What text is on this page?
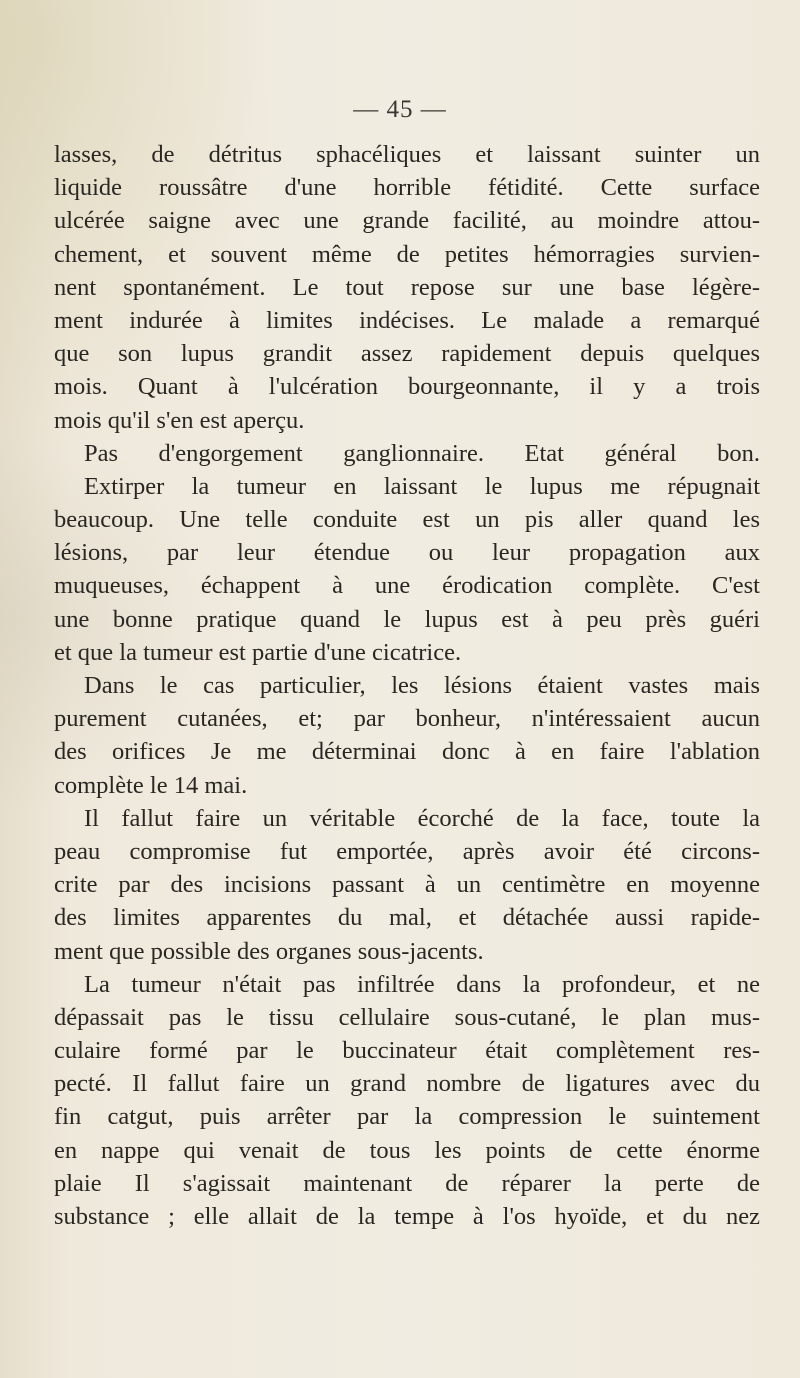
— 45 —
lasses, de détritus sphacéliques et laissant suinter un
liquide roussâtre d'une horrible fétidité. Cette surface
ulcérée saigne avec une grande facilité, au moindre attou-
chement, et souvent même de petites hémorragies survien-
nent spontanément. Le tout repose sur une base légère-
ment indurée à limites indécises. Le malade a remarqué
que son lupus grandit assez rapidement depuis quelques
mois. Quant à l'ulcération bourgeonnante, il y a trois
mois qu'il s'en est aperçu.
Pas d'engorgement ganglionnaire. Etat général bon.
Extirper la tumeur en laissant le lupus me répugnait
beaucoup. Une telle conduite est un pis aller quand les
lésions, par leur étendue ou leur propagation aux
muqueuses, échappent à une érodication complète. C'est
une bonne pratique quand le lupus est à peu près guéri
et que la tumeur est partie d'une cicatrice.
Dans le cas particulier, les lésions étaient vastes mais
purement cutanées, et; par bonheur, n'intéressaient aucun
des orifices Je me déterminai donc à en faire l'ablation
complète le 14 mai.
Il fallut faire un véritable écorché de la face, toute la
peau compromise fut emportée, après avoir été circons-
crite par des incisions passant à un centimètre en moyenne
des limites apparentes du mal, et détachée aussi rapide-
ment que possible des organes sous-jacents.
La tumeur n'était pas infiltrée dans la profondeur, et ne
dépassait pas le tissu cellulaire sous-cutané, le plan mus-
culaire formé par le buccinateur était complètement res-
pecté. Il fallut faire un grand nombre de ligatures avec du
fin catgut, puis arrêter par la compression le suintement
en nappe qui venait de tous les points de cette énorme
plaie Il s'agissait maintenant de réparer la perte de
substance ; elle allait de la tempe à l'os hyoïde, et du nez
